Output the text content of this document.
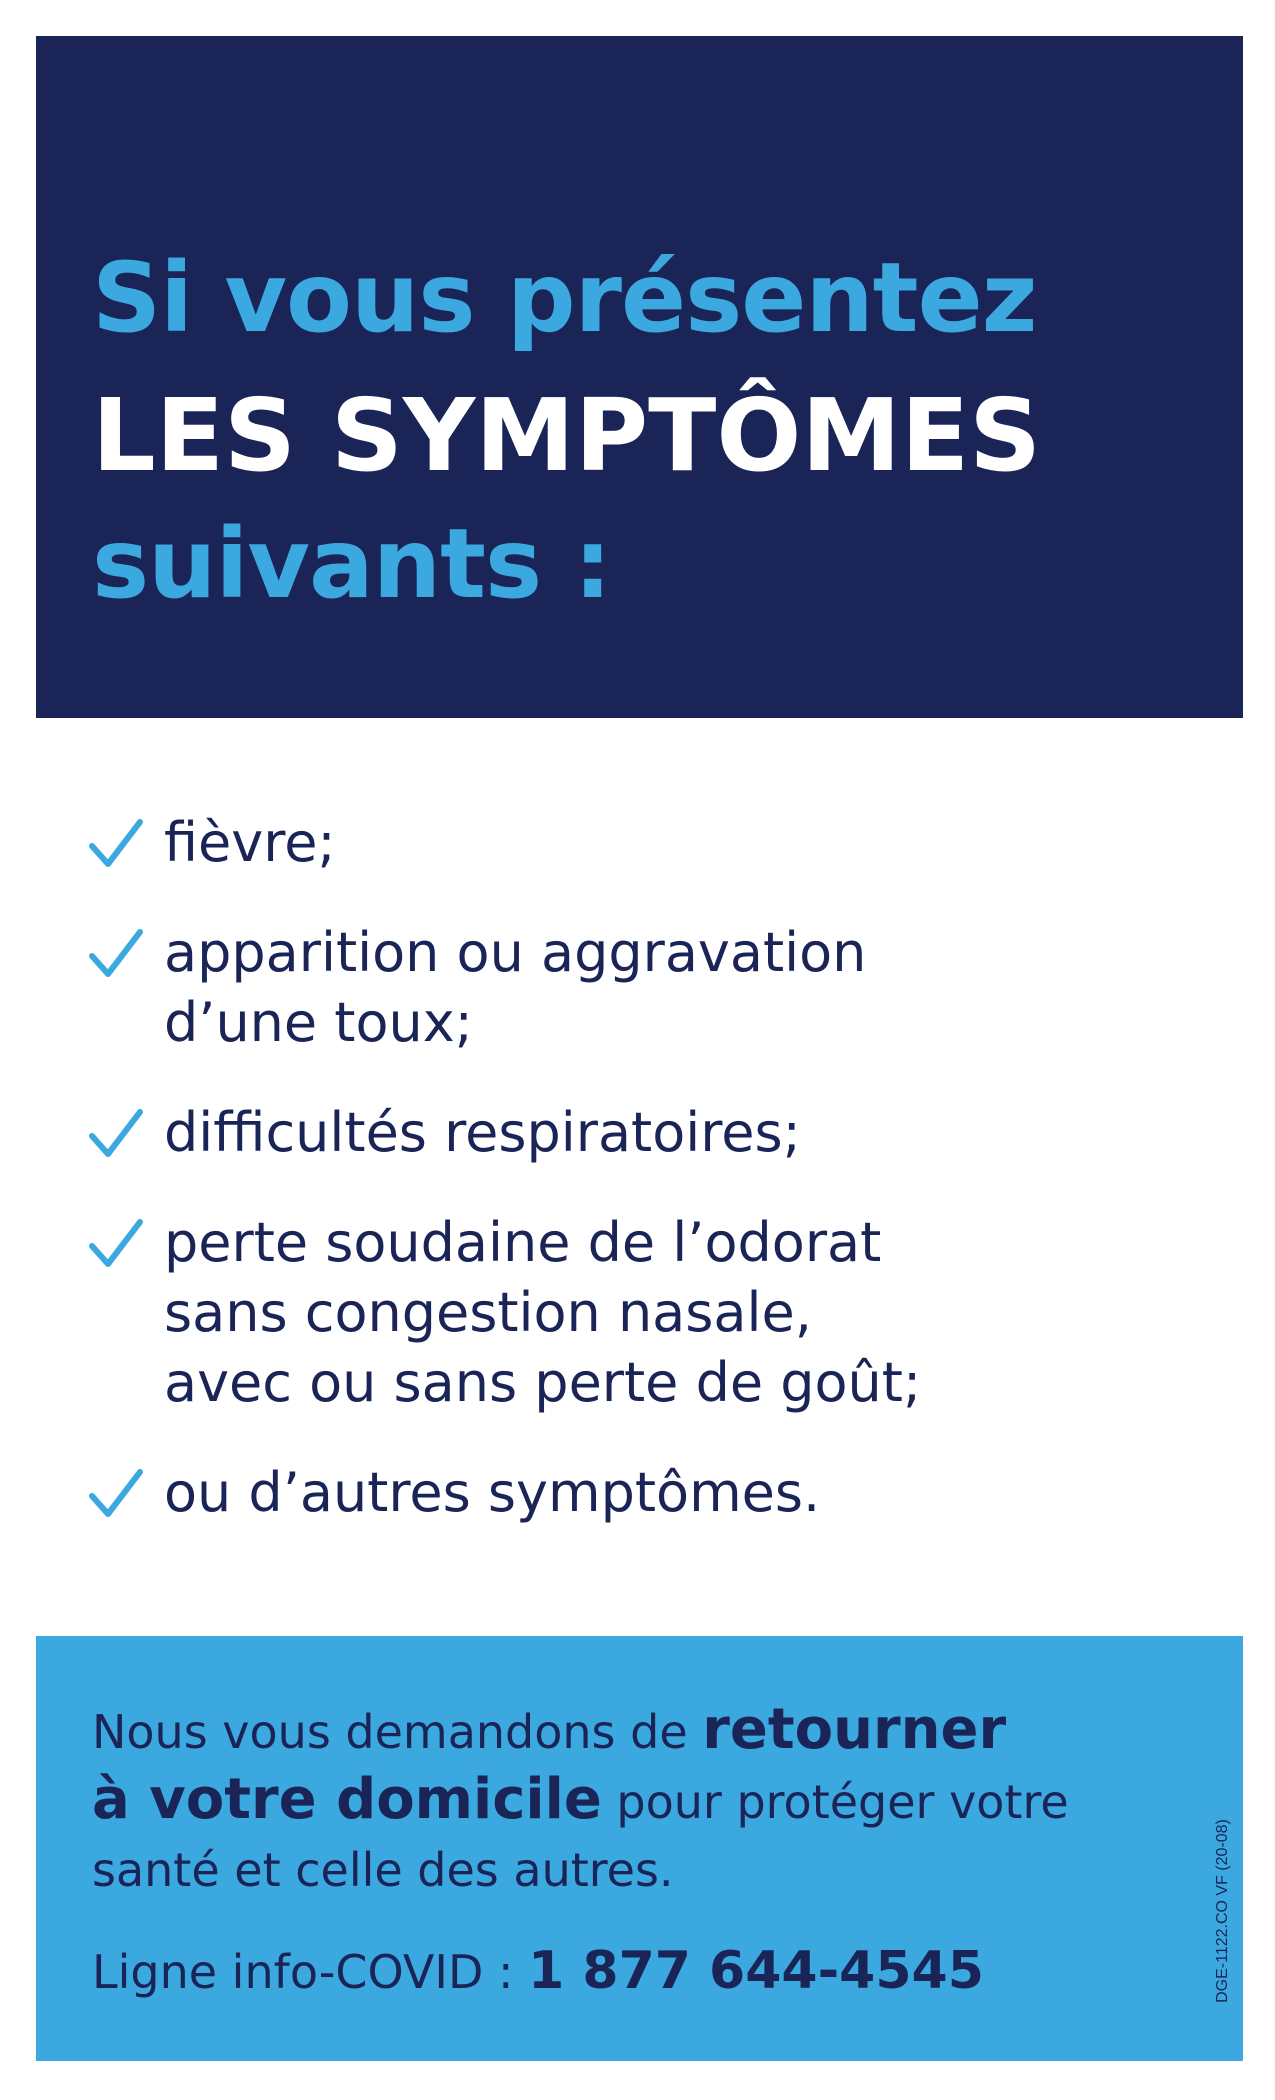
Si vous présentez
LES SYMPTÔMES
suivants :
fièvre;
apparition ou aggravation
d’une toux;
difficultés respiratoires;
perte soudaine de l’odorat
sans congestion nasale,
avec ou sans perte de goût;
ou d’autres symptômes.
Nous vous demandons de retourner
à votre domicile pour protéger votre santé et celle des autres.
Ligne info-COVID : 1 877 644-4545	DGE-1122.CO VF (20-08)
